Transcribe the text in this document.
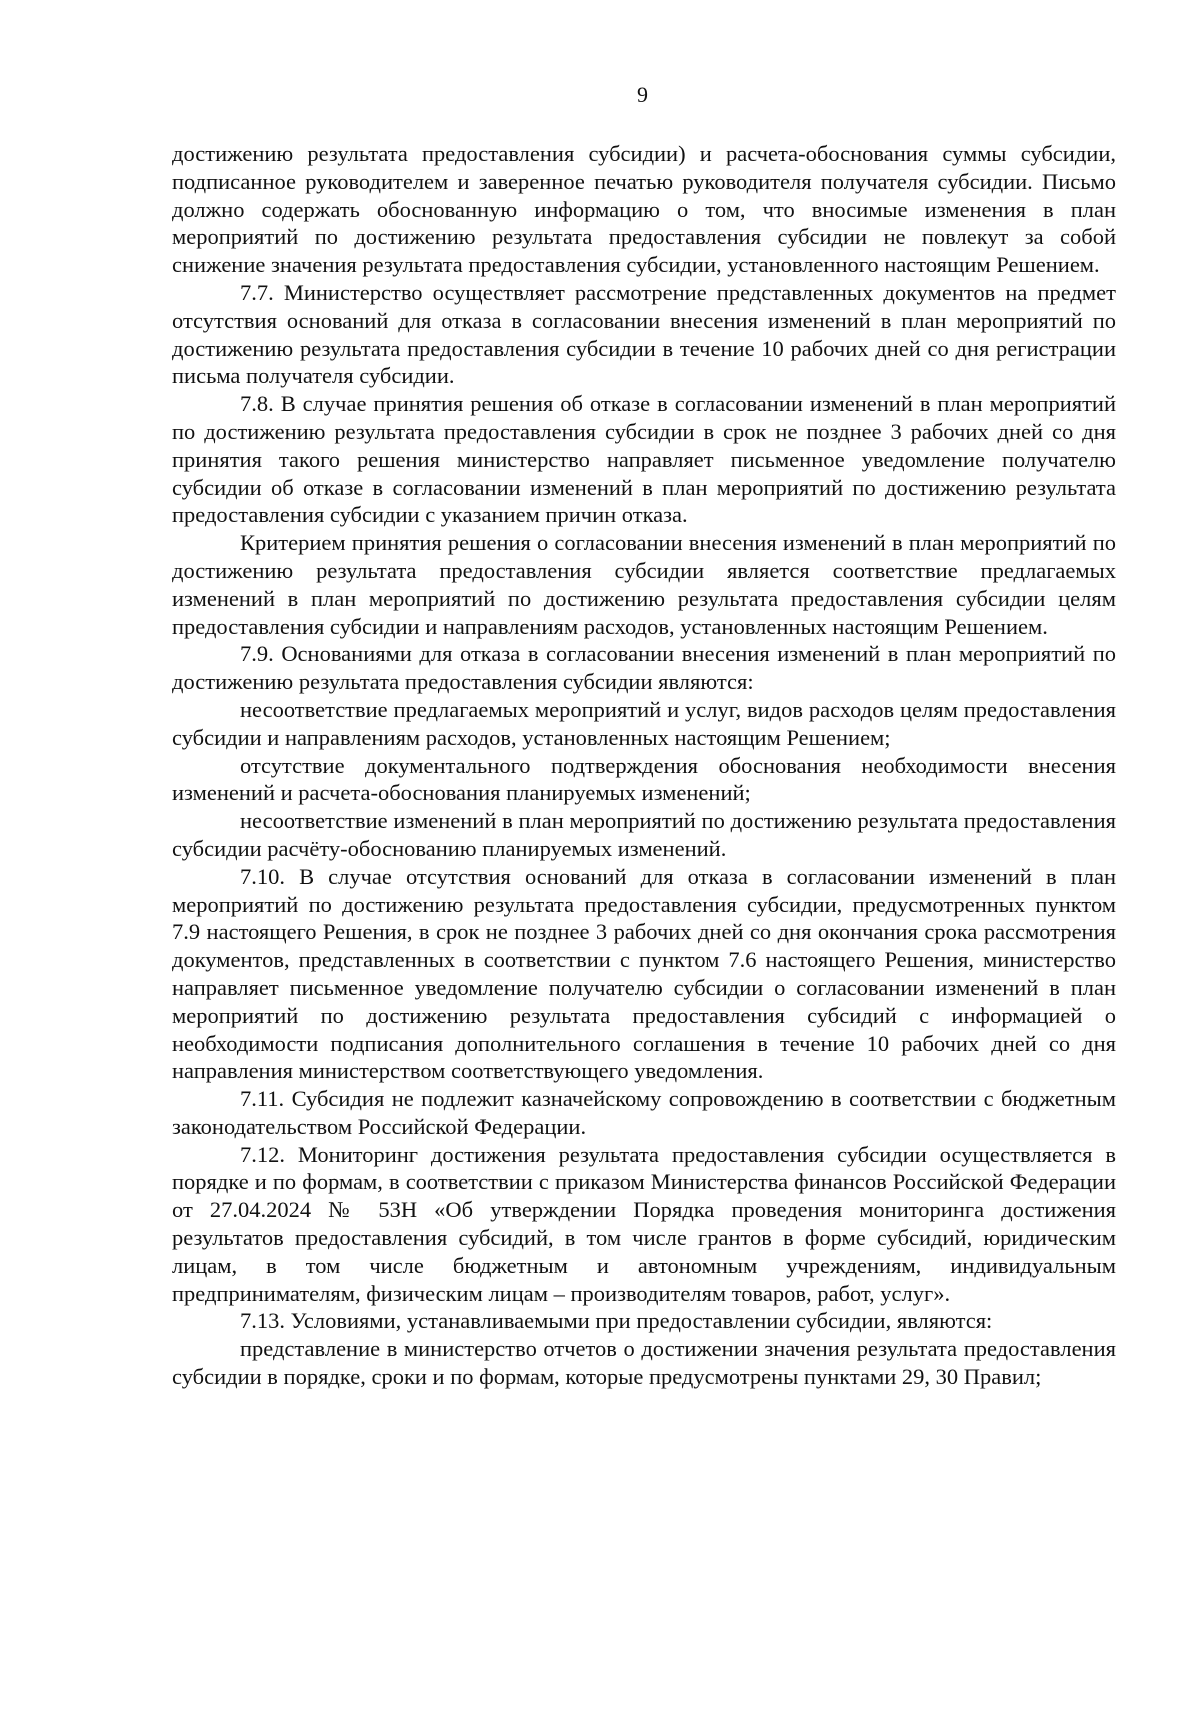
9

достижению результата предоставления субсидии) и расчета-обоснования суммы субсидии, подписанное руководителем и заверенное печатью руководителя получателя субсидии. Письмо должно содержать обоснованную информацию о том, что вносимые изменения в план мероприятий по достижению результата предоставления субсидии не повлекут за собой снижение значения результата предоставления субсидии, установленного настоящим Решением.

7.7. Министерство осуществляет рассмотрение представленных документов на предмет отсутствия оснований для отказа в согласовании внесения изменений в план мероприятий по достижению результата предоставления субсидии в течение 10 рабочих дней со дня регистрации письма получателя субсидии.

7.8. В случае принятия решения об отказе в согласовании изменений в план мероприятий по достижению результата предоставления субсидии в срок не позднее 3 рабочих дней со дня принятия такого решения министерство направляет письменное уведомление получателю субсидии об отказе в согласовании изменений в план мероприятий по достижению результата предоставления субсидии с указанием причин отказа.

Критерием принятия решения о согласовании внесения изменений в план мероприятий по достижению результата предоставления субсидии является соответствие предлагаемых изменений в план мероприятий по достижению результата предоставления субсидии целям предоставления субсидии и направлениям расходов, установленных настоящим Решением.

7.9. Основаниями для отказа в согласовании внесения изменений в план мероприятий по достижению результата предоставления субсидии являются:

несоответствие предлагаемых мероприятий и услуг, видов расходов целям предоставления субсидии и направлениям расходов, установленных настоящим Решением;

отсутствие документального подтверждения обоснования необходимости внесения изменений и расчета-обоснования планируемых изменений;

несоответствие изменений в план мероприятий по достижению результата предоставления субсидии расчёту-обоснованию планируемых изменений.

7.10. В случае отсутствия оснований для отказа в согласовании изменений в план мероприятий по достижению результата предоставления субсидии, предусмотренных пунктом 7.9 настоящего Решения, в срок не позднее 3 рабочих дней со дня окончания срока рассмотрения документов, представленных в соответствии с пунктом 7.6 настоящего Решения, министерство направляет письменное уведомление получателю субсидии о согласовании изменений в план мероприятий по достижению результата предоставления субсидий с информацией о необходимости подписания дополнительного соглашения в течение 10 рабочих дней со дня направления министерством соответствующего уведомления.

7.11. Субсидия не подлежит казначейскому сопровождению в соответствии с бюджетным законодательством Российской Федерации.

7.12. Мониторинг достижения результата предоставления субсидии осуществляется в порядке и по формам, в соответствии с приказом Министерства финансов Российской Федерации от 27.04.2024 № 53Н «Об утверждении Порядка проведения мониторинга достижения результатов предоставления субсидий, в том числе грантов в форме субсидий, юридическим лицам, в том числе бюджетным и автономным учреждениям, индивидуальным предпринимателям, физическим лицам – производителям товаров, работ, услуг».

7.13. Условиями, устанавливаемыми при предоставлении субсидии, являются:

представление в министерство отчетов о достижении значения результата предоставления субсидии в порядке, сроки и по формам, которые предусмотрены пунктами 29, 30 Правил;
